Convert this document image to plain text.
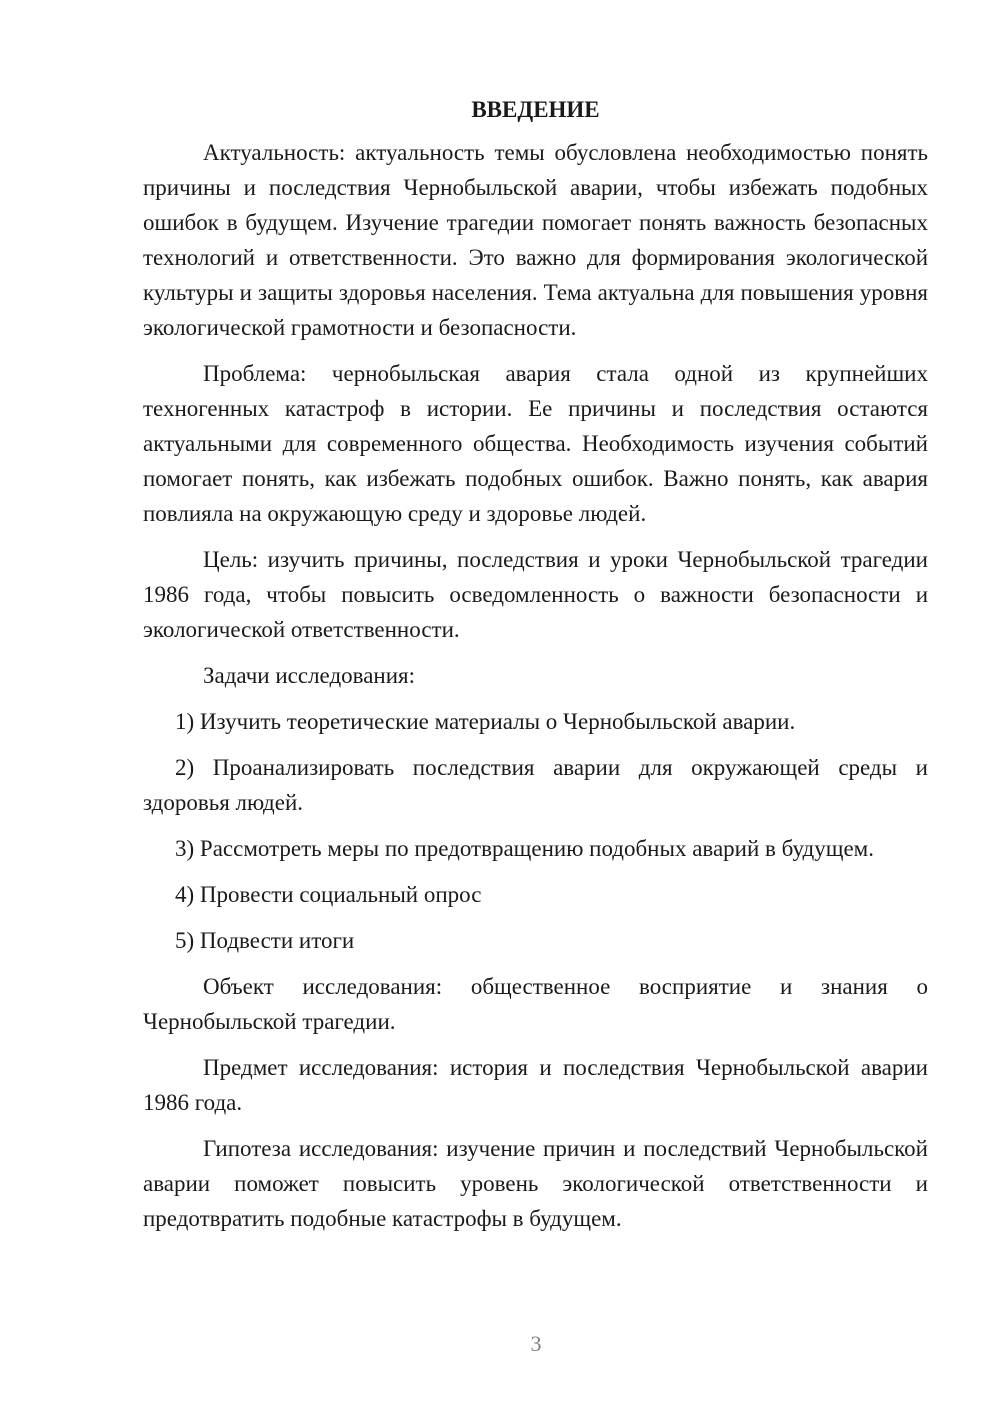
ВВЕДЕНИЕ

Актуальность: актуальность темы обусловлена необходимостью понять причины и последствия Чернобыльской аварии, чтобы избежать подобных ошибок в будущем. Изучение трагедии помогает понять важность безопасных технологий и ответственности. Это важно для формирования экологической культуры и защиты здоровья населения. Тема актуальна для повышения уровня экологической грамотности и безопасности.

Проблема: чернобыльская авария стала одной из крупнейших техногенных катастроф в истории. Ее причины и последствия остаются актуальными для современного общества. Необходимость изучения событий помогает понять, как избежать подобных ошибок. Важно понять, как авария повлияла на окружающую среду и здоровье людей.

Цель: изучить причины, последствия и уроки Чернобыльской трагедии 1986 года, чтобы повысить осведомленность о важности безопасности и экологической ответственности.

Задачи исследования:

1) Изучить теоретические материалы о Чернобыльской аварии.

2) Проанализировать последствия аварии для окружающей среды и здоровья людей.

3) Рассмотреть меры по предотвращению подобных аварий в будущем.

4) Провести социальный опрос

5) Подвести итоги

Объект исследования: общественное восприятие и знания о Чернобыльской трагедии.

Предмет исследования: история и последствия Чернобыльской аварии 1986 года.

Гипотеза исследования: изучение причин и последствий Чернобыльской аварии поможет повысить уровень экологической ответственности и предотвратить подобные катастрофы в будущем.

3
